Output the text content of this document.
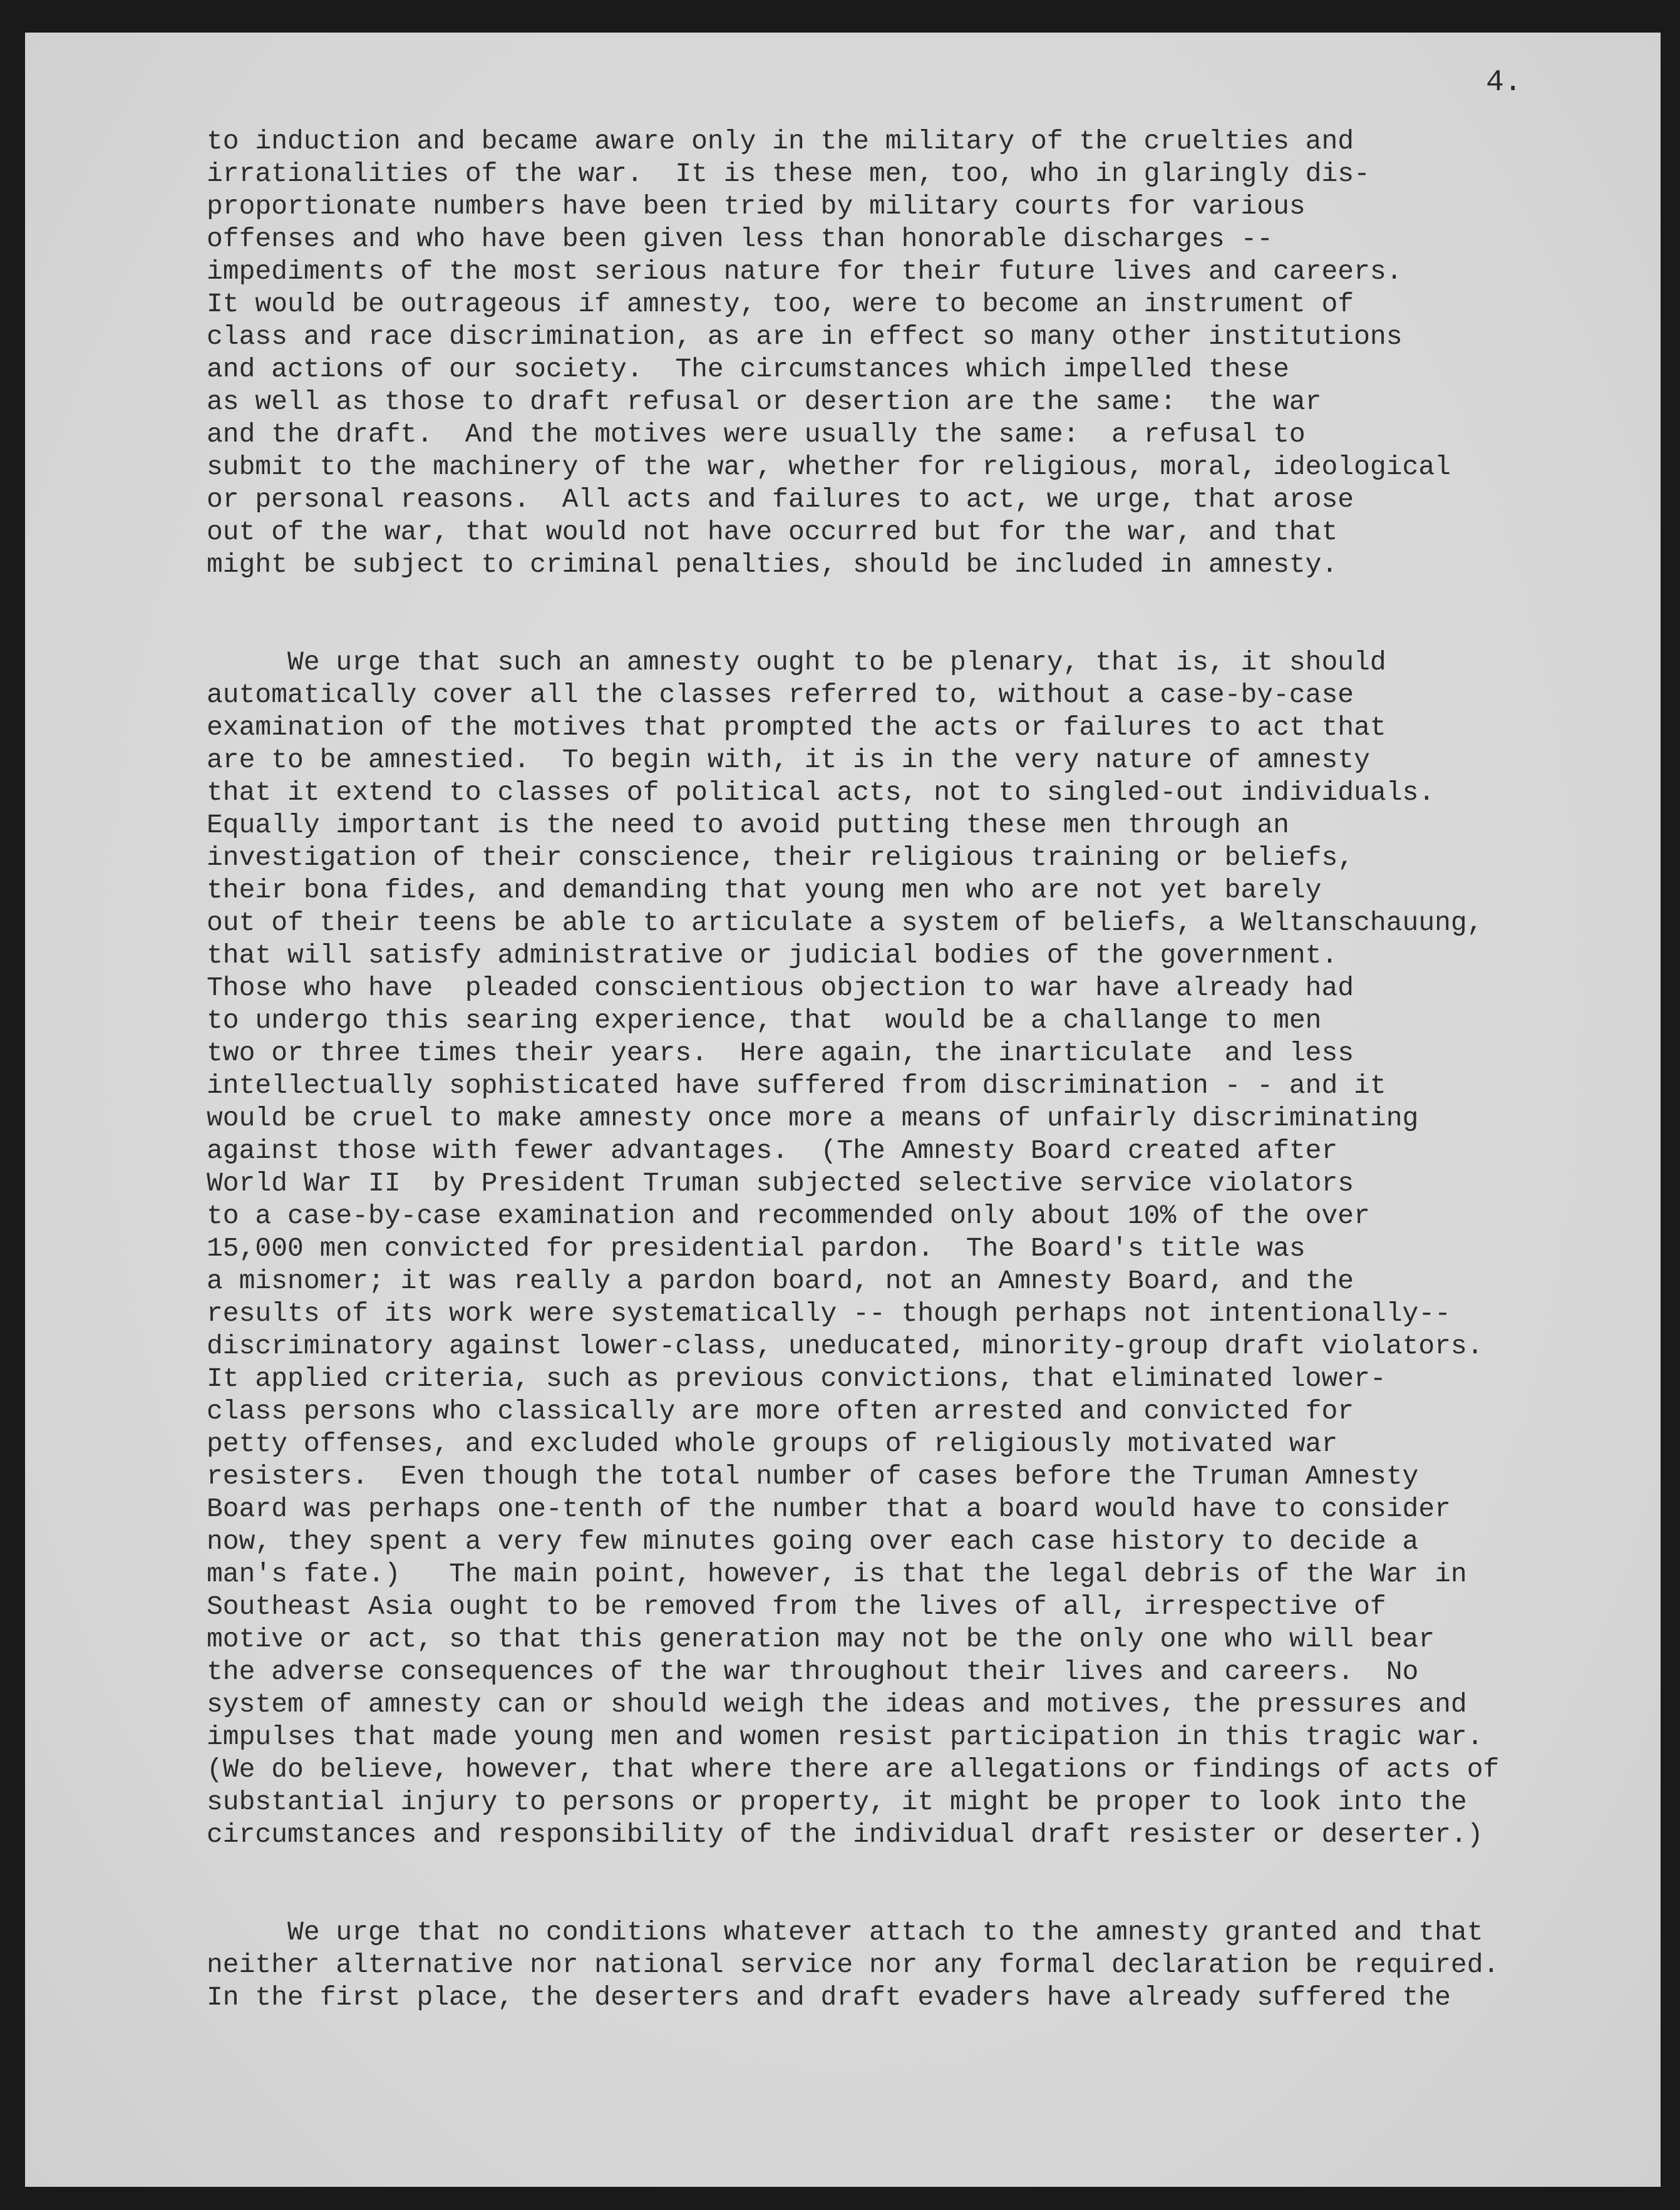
4.
to induction and became aware only in the military of the cruelties and
irrationalities of the war.  It is these men, too, who in glaringly dis-
proportionate numbers have been tried by military courts for various
offenses and who have been given less than honorable discharges --
impediments of the most serious nature for their future lives and careers.
It would be outrageous if amnesty, too, were to become an instrument of
class and race discrimination, as are in effect so many other institutions
and actions of our society.  The circumstances which impelled these
as well as those to draft refusal or desertion are the same:  the war
and the draft.  And the motives were usually the same:  a refusal to
submit to the machinery of the war, whether for religious, moral, ideological
or personal reasons.  All acts and failures to act, we urge, that arose
out of the war, that would not have occurred but for the war, and that
might be subject to criminal penalties, should be included in amnesty.
We urge that such an amnesty ought to be plenary, that is, it should
automatically cover all the classes referred to, without a case-by-case
examination of the motives that prompted the acts or failures to act that
are to be amnestied.  To begin with, it is in the very nature of amnesty
that it extend to classes of political acts, not to singled-out individuals.
Equally important is the need to avoid putting these men through an
investigation of their conscience, their religious training or beliefs,
their bona fides, and demanding that young men who are not yet barely
out of their teens be able to articulate a system of beliefs, a Weltanschauung,
that will satisfy administrative or judicial bodies of the government.
Those who have  pleaded conscientious objection to war have already had
to undergo this searing experience, that  would be a challange to men
two or three times their years.  Here again, the inarticulate  and less
intellectually sophisticated have suffered from discrimination - - and it
would be cruel to make amnesty once more a means of unfairly discriminating
against those with fewer advantages.  (The Amnesty Board created after
World War II  by President Truman subjected selective service violators
to a case-by-case examination and recommended only about 10% of the over
15,000 men convicted for presidential pardon.  The Board's title was
a misnomer; it was really a pardon board, not an Amnesty Board, and the
results of its work were systematically -- though perhaps not intentionally--
discriminatory against lower-class, uneducated, minority-group draft violators.
It applied criteria, such as previous convictions, that eliminated lower-
class persons who classically are more often arrested and convicted for
petty offenses, and excluded whole groups of religiously motivated war
resisters.  Even though the total number of cases before the Truman Amnesty
Board was perhaps one-tenth of the number that a board would have to consider
now, they spent a very few minutes going over each case history to decide a
man's fate.)   The main point, however, is that the legal debris of the War in
Southeast Asia ought to be removed from the lives of all, irrespective of
motive or act, so that this generation may not be the only one who will bear
the adverse consequences of the war throughout their lives and careers.  No
system of amnesty can or should weigh the ideas and motives, the pressures and
impulses that made young men and women resist participation in this tragic war.
(We do believe, however, that where there are allegations or findings of acts of
substantial injury to persons or property, it might be proper to look into the
circumstances and responsibility of the individual draft resister or deserter.)
We urge that no conditions whatever attach to the amnesty granted and that
neither alternative nor national service nor any formal declaration be required.
In the first place, the deserters and draft evaders have already suffered the
